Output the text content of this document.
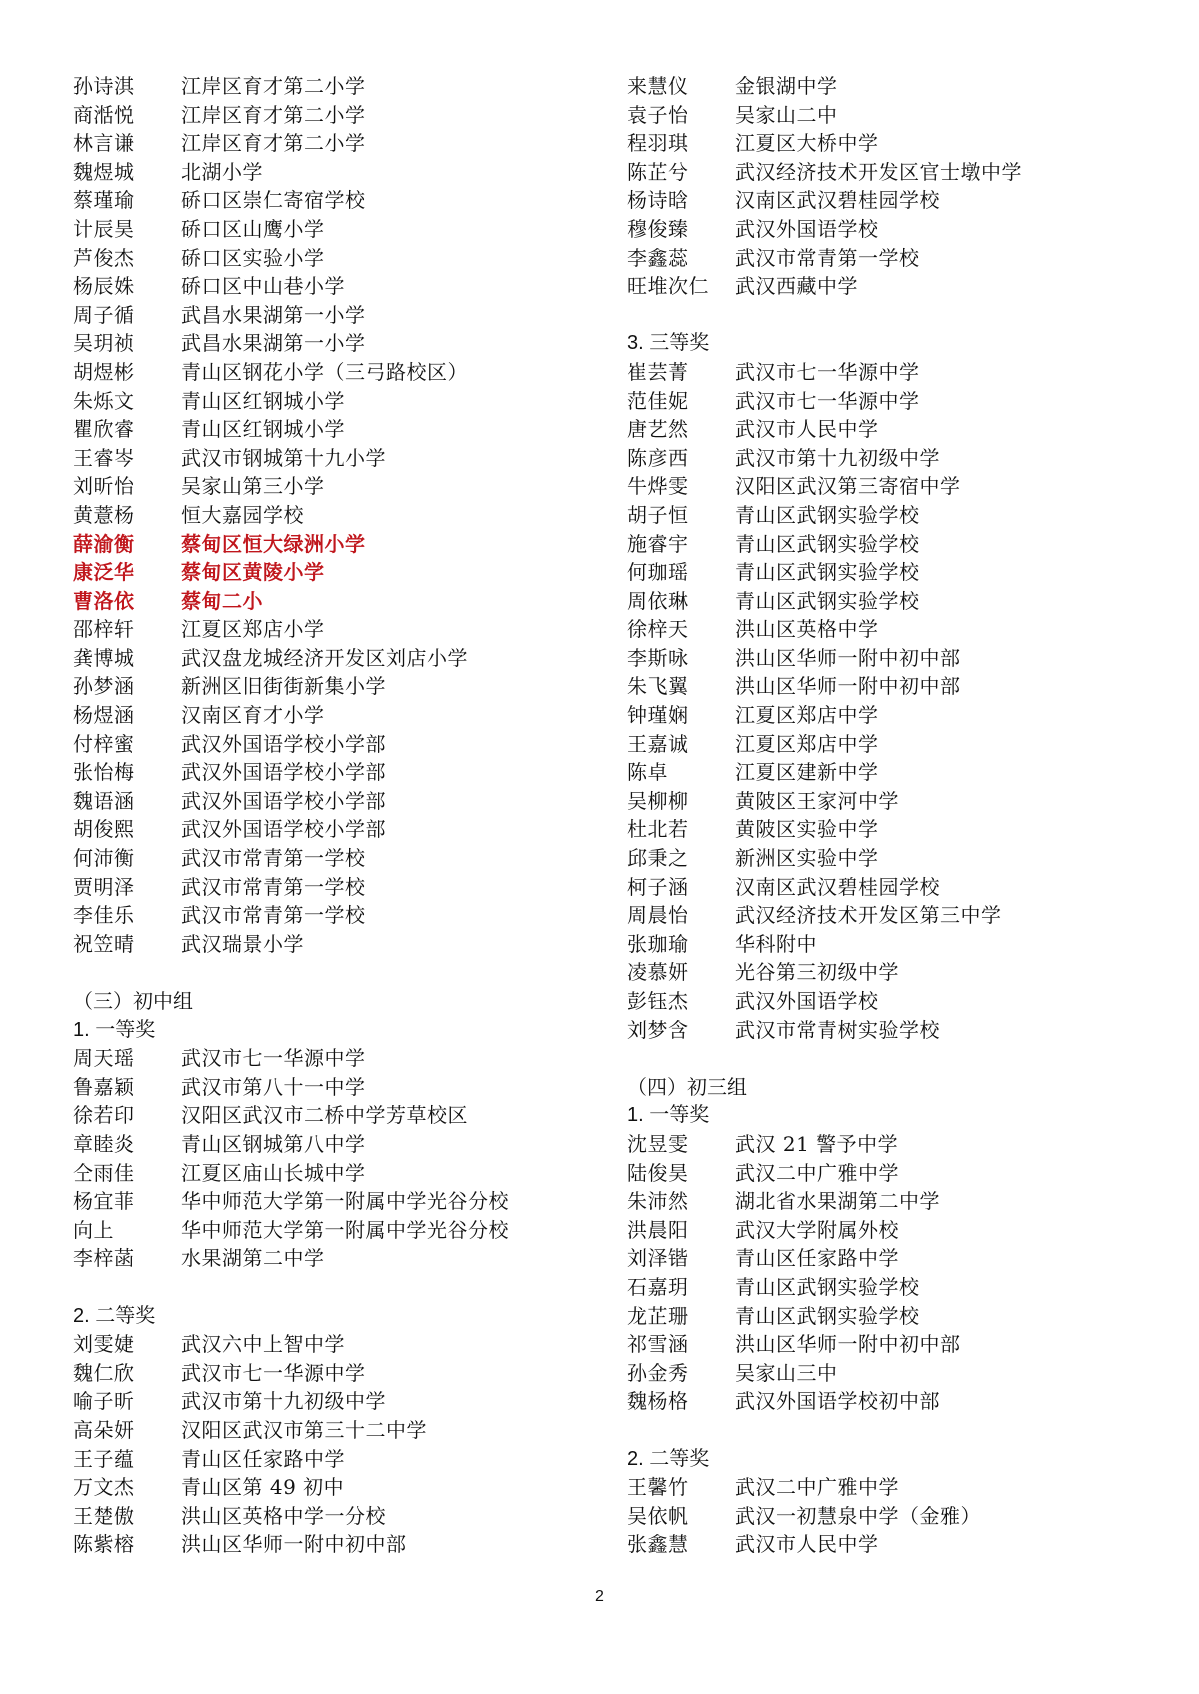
孙诗淇	江岸区育才第二小学
商湉悦	江岸区育才第二小学
林言谦	江岸区育才第二小学
魏煜城	北湖小学
蔡瑾瑜	硚口区崇仁寄宿学校
计辰昊	硚口区山鹰小学
芦俊杰	硚口区实验小学
杨辰姝	硚口区中山巷小学
周子循	武昌水果湖第一小学
吴玥祯	武昌水果湖第一小学
胡煜彬	青山区钢花小学（三弓路校区）
朱烁文	青山区红钢城小学
瞿欣睿	青山区红钢城小学
王睿岑	武汉市钢城第十九小学
刘昕怡	吴家山第三小学
黄薏杨	恒大嘉园学校
薛渝衡	蔡甸区恒大绿洲小学
康泛华	蔡甸区黄陵小学
曹洛依	蔡甸二小
邵梓轩	江夏区郑店小学
龚博城	武汉盘龙城经济开发区刘店小学
孙梦涵	新洲区旧街街新集小学
杨煜涵	汉南区育才小学
付梓蜜	武汉外国语学校小学部
张怡梅	武汉外国语学校小学部
魏语涵	武汉外国语学校小学部
胡俊熙	武汉外国语学校小学部
何沛衡	武汉市常青第一学校
贾明泽	武汉市常青第一学校
李佳乐	武汉市常青第一学校
祝笠晴	武汉瑞景小学
（三）初中组
1. 一等奖
周天瑶	武汉市七一华源中学
鲁嘉颖	武汉市第八十一中学
徐若印	汉阳区武汉市二桥中学芳草校区
章睦炎	青山区钢城第八中学
仝雨佳	江夏区庙山长城中学
杨宜菲	华中师范大学第一附属中学光谷分校
向上	华中师范大学第一附属中学光谷分校
李梓菡	水果湖第二中学
2. 二等奖
刘雯婕	武汉六中上智中学
魏仁欣	武汉市七一华源中学
喻子昕	武汉市第十九初级中学
高朵妍	汉阳区武汉市第三十二中学
王子蕴	青山区任家路中学
万文杰	青山区第 49 初中
王楚傲	洪山区英格中学一分校
陈紫榕	洪山区华师一附中初中部
来慧仪	金银湖中学
袁子怡	吴家山二中
程羽琪	江夏区大桥中学
陈芷兮	武汉经济技术开发区官士墩中学
杨诗晗	汉南区武汉碧桂园学校
穆俊臻	武汉外国语学校
李鑫蕊	武汉市常青第一学校
旺堆次仁	武汉西藏中学
3. 三等奖
崔芸菁	武汉市七一华源中学
范佳妮	武汉市七一华源中学
唐艺然	武汉市人民中学
陈彦西	武汉市第十九初级中学
牛烨雯	汉阳区武汉第三寄宿中学
胡子恒	青山区武钢实验学校
施睿宇	青山区武钢实验学校
何珈瑶	青山区武钢实验学校
周依琳	青山区武钢实验学校
徐梓天	洪山区英格中学
李斯咏	洪山区华师一附中初中部
朱飞翼	洪山区华师一附中初中部
钟瑾娴	江夏区郑店中学
王嘉诚	江夏区郑店中学
陈卓	江夏区建新中学
吴柳柳	黄陂区王家河中学
杜北若	黄陂区实验中学
邱秉之	新洲区实验中学
柯子涵	汉南区武汉碧桂园学校
周晨怡	武汉经济技术开发区第三中学
张珈瑜	华科附中
凌慕妍	光谷第三初级中学
彭钰杰	武汉外国语学校
刘梦含	武汉市常青树实验学校
（四）初三组
1. 一等奖
沈昱雯	武汉 21 警予中学
陆俊昊	武汉二中广雅中学
朱沛然	湖北省水果湖第二中学
洪晨阳	武汉大学附属外校
刘泽锴	青山区任家路中学
石嘉玥	青山区武钢实验学校
龙芷珊	青山区武钢实验学校
祁雪涵	洪山区华师一附中初中部
孙金秀	吴家山三中
魏杨格	武汉外国语学校初中部
2. 二等奖
王馨竹	武汉二中广雅中学
吴依帆	武汉一初慧泉中学（金雅）
张鑫慧	武汉市人民中学
2
